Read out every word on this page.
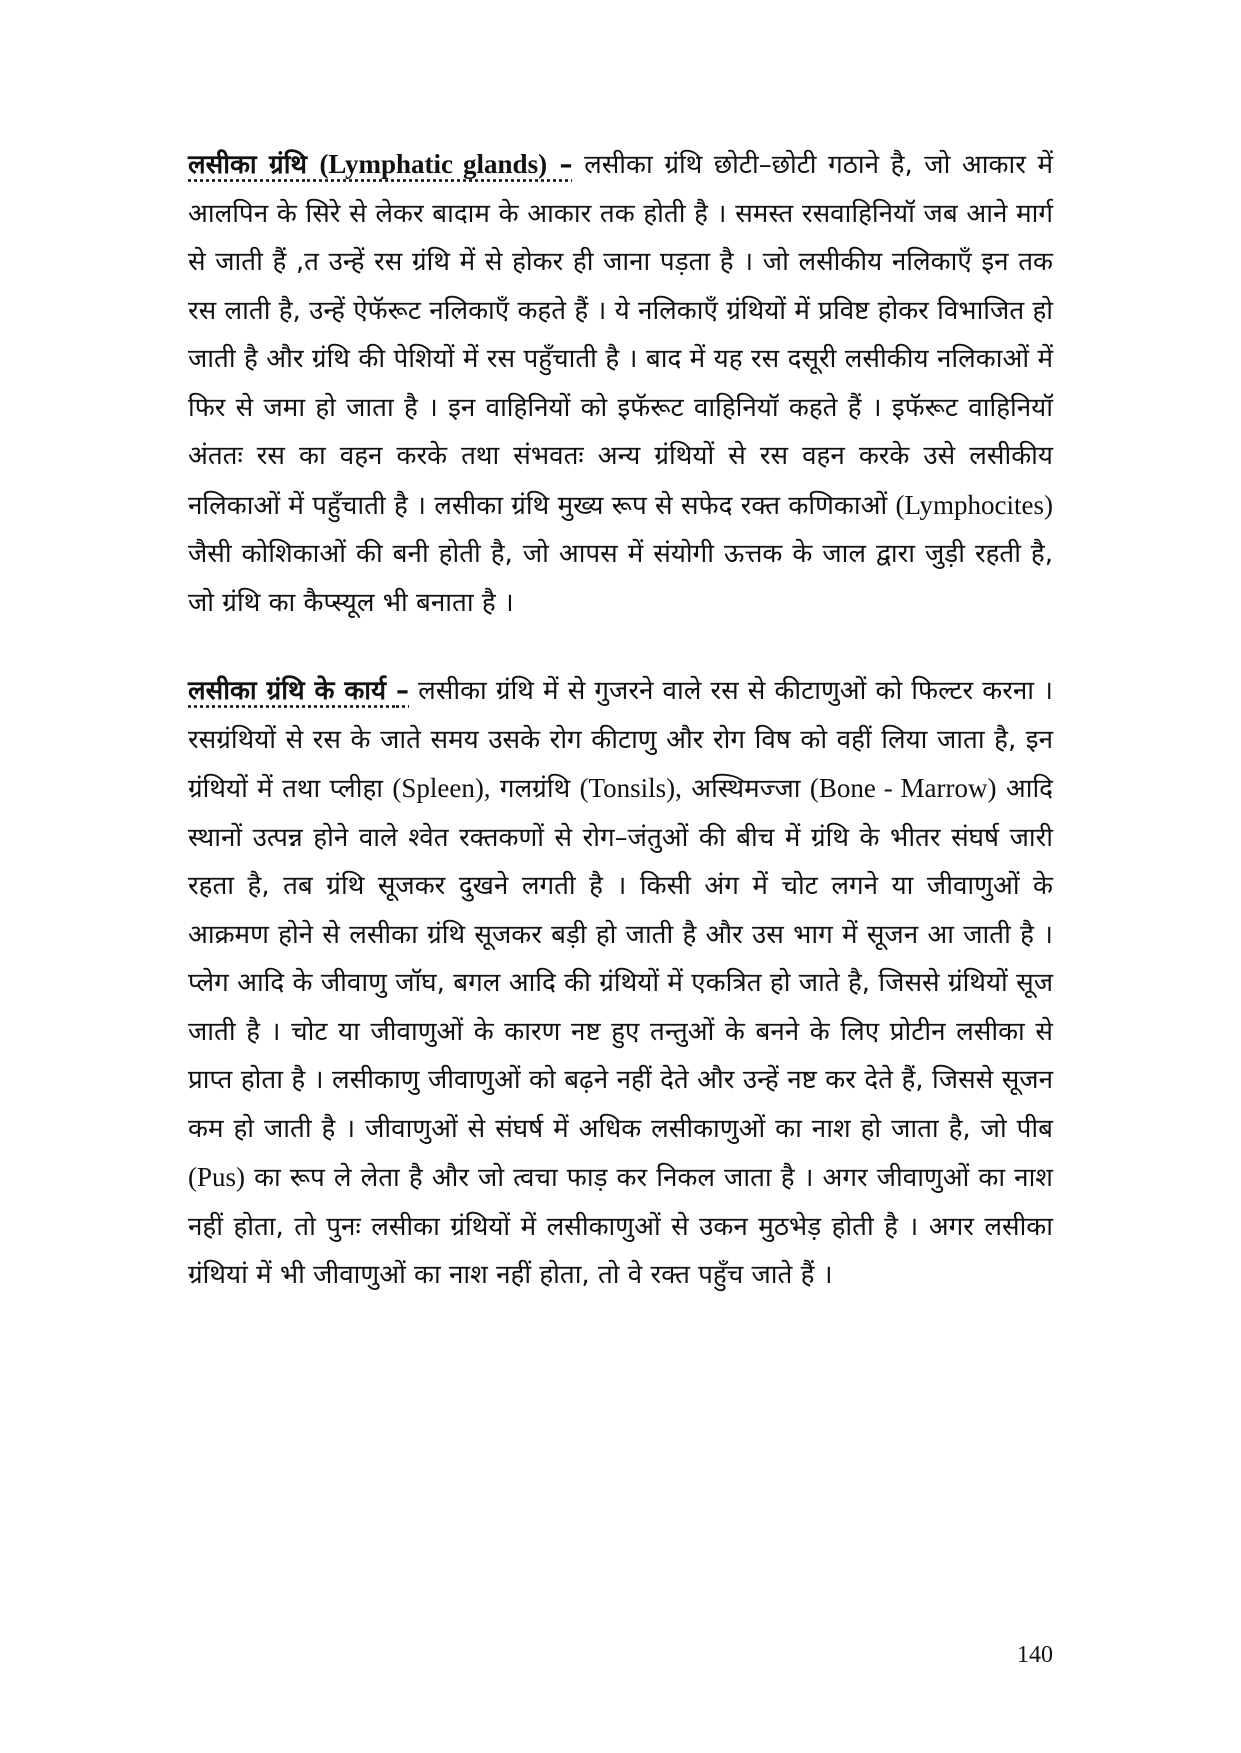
लसीका ग्रंथि (Lymphatic glands) – लसीका ग्रंथि छोटी–छोटी गठाने है, जो आकार में आलपिन के सिरे से लेकर बादाम के आकार तक होती है । समस्त रसवाहिनियॉ जब आने मार्ग से जाती हैं ,त उन्हें रस ग्रंथि में से होकर ही जाना पड़ता है । जो लसीकीय नलिकाएँ इन तक रस लाती है, उन्हें ऐफॅरूट नलिकाएँ कहते हैं । ये नलिकाएँ ग्रंथियों में प्रविष्ट होकर विभाजित हो जाती है और ग्रंथि की पेशियों में रस पहुँचाती है । बाद में यह रस दसूरी लसीकीय नलिकाओं में फिर से जमा हो जाता है । इन वाहिनियों को इफॅरूट वाहिनियॉ कहते हैं । इफॅरूट वाहिनियॉ अंततः रस का वहन करके तथा संभवतः अन्य ग्रंथियों से रस वहन करके उसे लसीकीय नलिकाओं में पहुँचाती है । लसीका ग्रंथि मुख्य रूप से सफेद रक्त कणिकाओं (Lymphocites) जैसी कोशिकाओं की बनी होती है, जो आपस में संयोगी ऊत्तक के जाल द्वारा जुड़ी रहती है, जो ग्रंथि का कैप्स्यूल भी बनाता है ।

लसीका ग्रंथि के कार्य – लसीका ग्रंथि में से गुजरने वाले रस से कीटाणुओं को फिल्टर करना । रसग्रंथियों से रस के जाते समय उसके रोग कीटाणु और रोग विष को वहीं लिया जाता है, इन ग्रंथियों में तथा प्लीहा (Spleen), गलग्रंथि (Tonsils), अस्थिमज्जा (Bone - Marrow) आदि स्थानों उत्पन्न होने वाले श्वेत रक्तकणों से रोग–जंतुओं की बीच में ग्रंथि के भीतर संघर्ष जारी रहता है, तब ग्रंथि सूजकर दुखने लगती है । किसी अंग में चोट लगने या जीवाणुओं के आक्रमण होने से लसीका ग्रंथि सूजकर बड़ी हो जाती है और उस भाग में सूजन आ जाती है । प्लेग आदि के जीवाणु जॉघ, बगल आदि की ग्रंथियों में एकत्रित हो जाते है, जिससे ग्रंथियों सूज जाती है । चोट या जीवाणुओं के कारण नष्ट हुए तन्तुओं के बनने के लिए प्रोटीन लसीका से प्राप्त होता है । लसीकाणु जीवाणुओं को बढ़ने नहीं देते और उन्हें नष्ट कर देते हैं, जिससे सूजन कम हो जाती है । जीवाणुओं से संघर्ष में अधिक लसीकाणुओं का नाश हो जाता है, जो पीब (Pus) का रूप ले लेता है और जो त्वचा फाड़ कर निकल जाता है । अगर जीवाणुओं का नाश नहीं होता, तो पुनः लसीका ग्रंथियों में लसीकाणुओं से उकन मुठभेड़ होती है । अगर लसीका ग्रंथियां में भी जीवाणुओं का नाश नहीं होता, तो वे रक्त पहुँच जाते हैं ।

140
